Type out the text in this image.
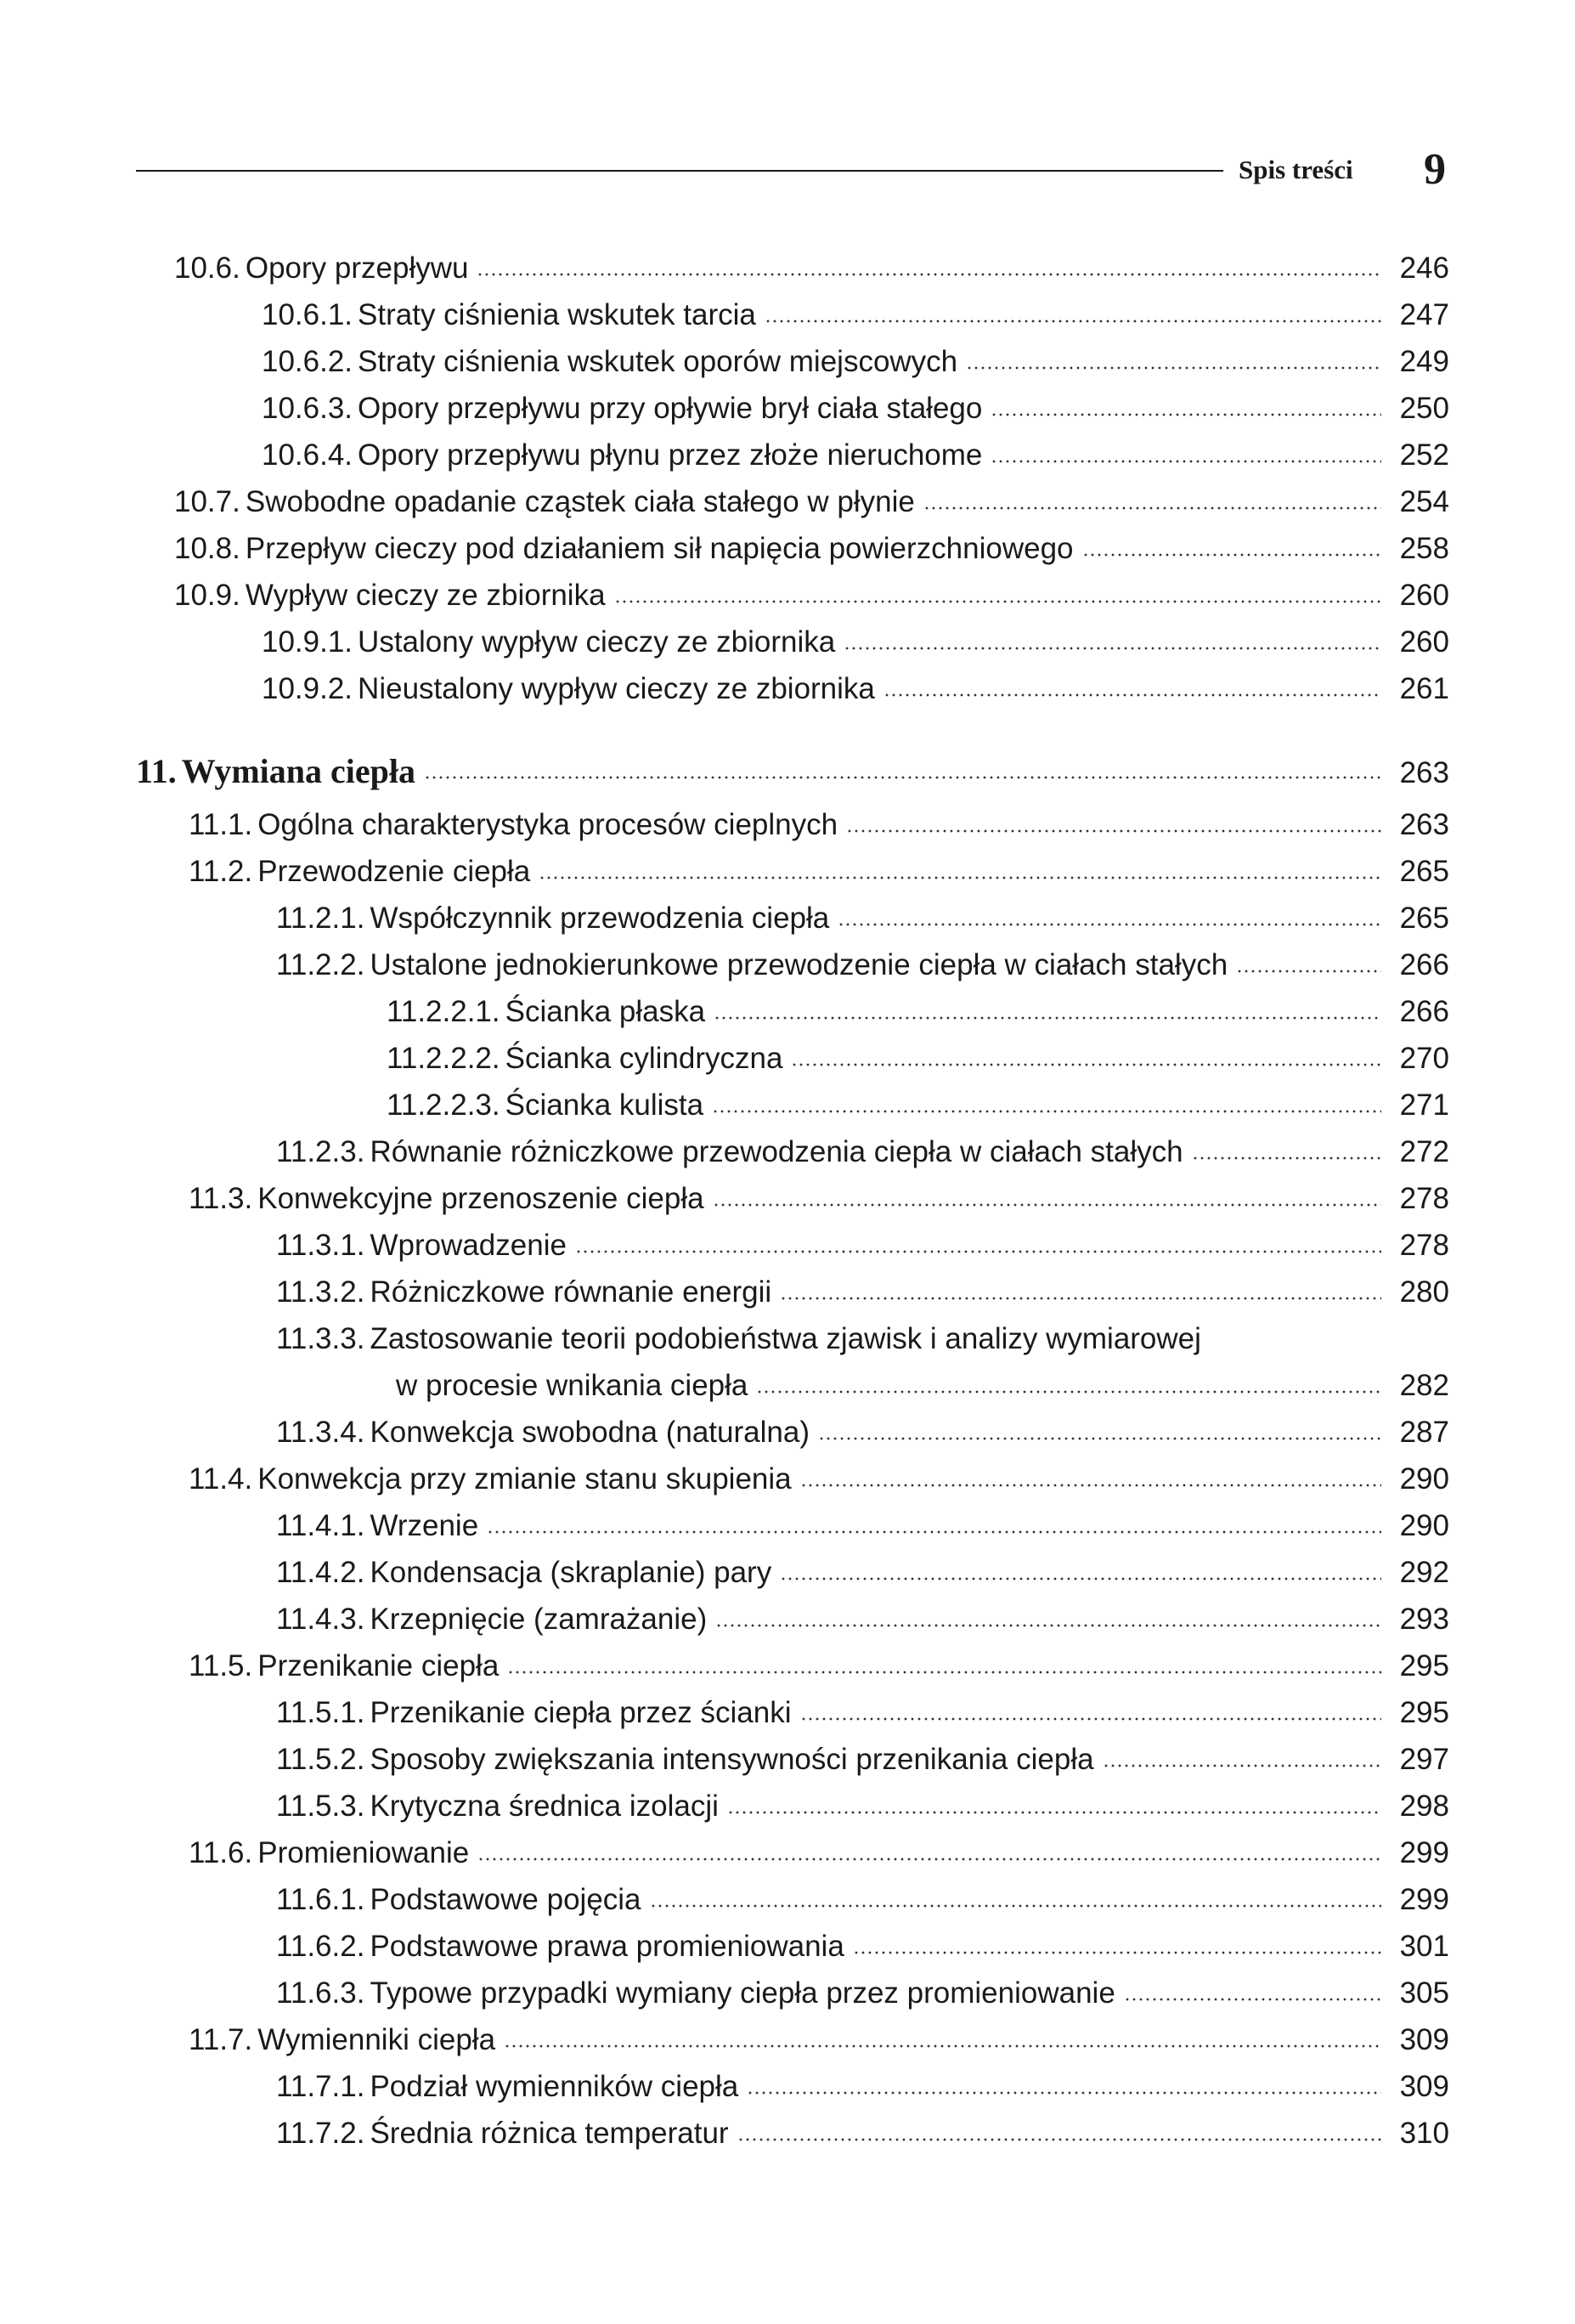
Spis treści	9
10.6. Opory przepływu	246
10.6.1. Straty ciśnienia wskutek tarcia	247
10.6.2. Straty ciśnienia wskutek oporów miejscowych	249
10.6.3. Opory przepływu przy opływie brył ciała stałego	250
10.6.4. Opory przepływu płynu przez złoże nieruchome	252
10.7. Swobodne opadanie cząstek ciała stałego w płynie	254
10.8. Przepływ cieczy pod działaniem sił napięcia powierzchniowego	258
10.9. Wypływ cieczy ze zbiornika	260
10.9.1. Ustalony wypływ cieczy ze zbiornika	260
10.9.2. Nieustalony wypływ cieczy ze zbiornika	261
11. Wymiana ciepła	263
11.1. Ogólna charakterystyka procesów cieplnych	263
11.2. Przewodzenie ciepła	265
11.2.1. Współczynnik przewodzenia ciepła	265
11.2.2. Ustalone jednokierunkowe przewodzenie ciepła w ciałach stałych	266
11.2.2.1. Ścianka płaska	266
11.2.2.2. Ścianka cylindryczna	270
11.2.2.3. Ścianka kulista	271
11.2.3. Równanie różniczkowe przewodzenia ciepła w ciałach stałych	272
11.3. Konwekcyjne przenoszenie ciepła	278
11.3.1. Wprowadzenie	278
11.3.2. Różniczkowe równanie energii	280
11.3.3. Zastosowanie teorii podobieństwa zjawisk i analizy wymiarowej
w procesie wnikania ciepła	282
11.3.4. Konwekcja swobodna (naturalna)	287
11.4. Konwekcja przy zmianie stanu skupienia	290
11.4.1. Wrzenie	290
11.4.2. Kondensacja (skraplanie) pary	292
11.4.3. Krzepnięcie (zamrażanie)	293
11.5. Przenikanie ciepła	295
11.5.1. Przenikanie ciepła przez ścianki	295
11.5.2. Sposoby zwiększania intensywności przenikania ciepła	297
11.5.3. Krytyczna średnica izolacji	298
11.6. Promieniowanie	299
11.6.1. Podstawowe pojęcia	299
11.6.2. Podstawowe prawa promieniowania	301
11.6.3. Typowe przypadki wymiany ciepła przez promieniowanie	305
11.7. Wymienniki ciepła	309
11.7.1. Podział wymienników ciepła	309
11.7.2. Średnia różnica temperatur	310
